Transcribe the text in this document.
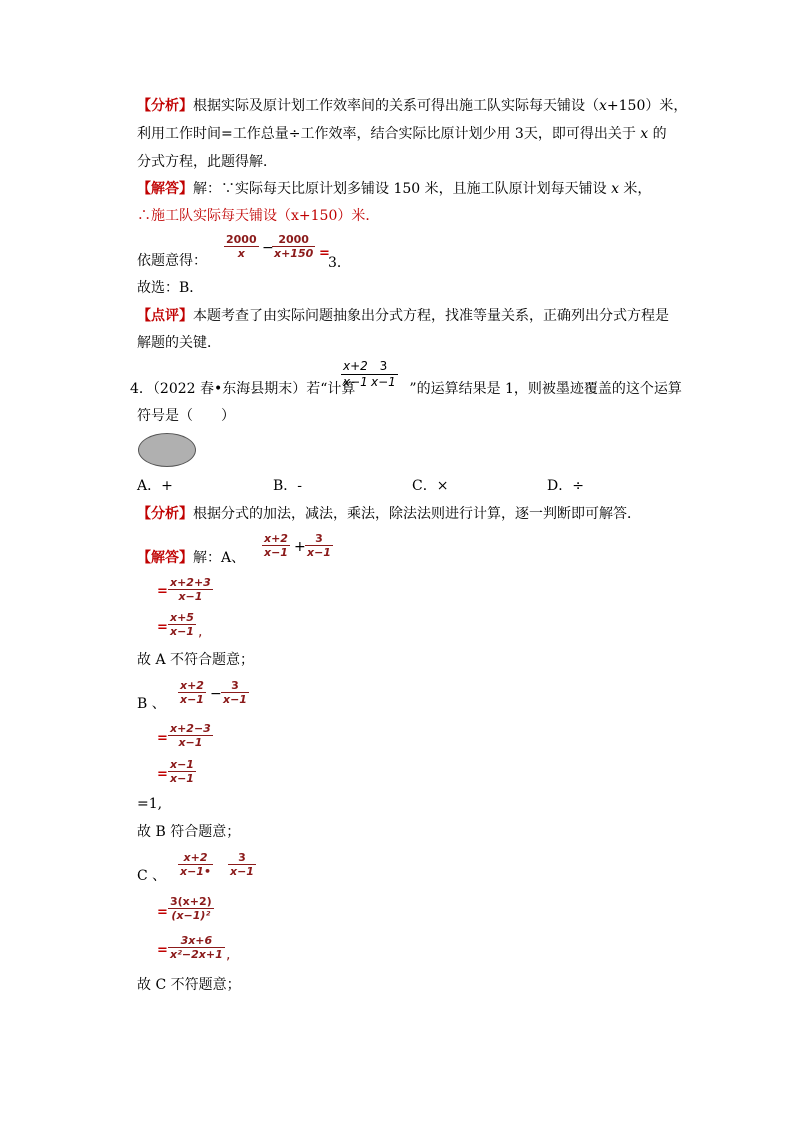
【分析】根据实际及原计划工作效率间的关系可得出施工队实际每天铺设（x+150）米，
利用工作时间=工作总量÷工作效率，结合实际比原计划少用 3天，即可得出关于 x 的
分式方程，此题得解．
【解答】解：∵实际每天比原计划多铺设 150 米，且施工队原计划每天铺设 x 米，
∴施工队实际每天铺设（x+150）米．
依题意得：
2000
x	−
2000
x+150 =
3．
故选：B．
【点评】本题考查了由实际问题抽象出分式方程，找准等量关系，正确列出分式方程是
解题的关键．
4．（2022 春•东海县期末）若“计算	”的运算结果是 1，则被墨迹覆盖的这个运算
x+2
x−1
3
x−1
符号是（　　）
A．+	B．-	C．×	D．÷
【分析】根据分式的加法，减法，乘法，除法法则进行计算，逐一判断即可解答．
【解答】解：A、
x+2
x−1 +
3
x−1
=
x+2+3
x−1
=
x+5
x−1 ,
故 A 不符合题意；
B 、
x+2
x−1 −
3
x−1
=
x+2−3
x−1
=
x−1
x−1
=1,
故 B 符合题意；
C 、
x+2
x−1•
3
x−1
=
3(x+2)
(x−1)²
=
3x+6
x²−2x+1 ,
故 C 不符题意；
